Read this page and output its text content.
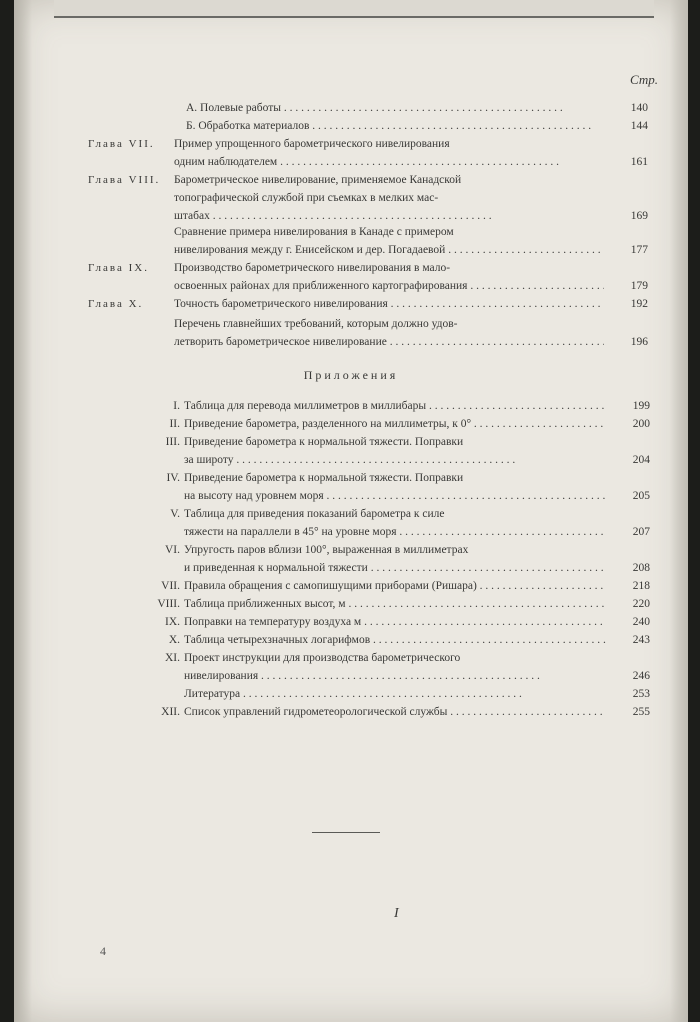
Стр.
А. Полевые работы . . .	140
Б. Обработка материалов . . .	144
Глава VII.	Пример упрощенного барометрического нивелирования
одним наблюдателем . . .	161
Глава VIII.	Барометрическое нивелирование, применяемое Канадской
топографической службой при съемках в мелких мас-
штабах . . .	169
Сравнение примера нивелирования в Канаде с примером
нивелирования между г. Енисейском и дер. Погадаевой . . .	177
Глава IX.	Производство барометрического нивелирования в мало-
освоенных районах для приближенного картографирования . . .	179
Глава X.	Точность барометрического нивелирования . . .	192
Перечень главнейших требований, которым должно удов-
летворить барометрическое нивелирование . . .	196
Приложения
I. Таблица для перевода миллиметров в миллибары . . .	199
II. Приведение барометра, разделенного на миллиметры, к 0° . . .	200
III. Приведение барометра к нормальной тяжести. Поправки
за широту . . .	204
IV. Приведение барометра к нормальной тяжести. Поправки
на высоту над уровнем моря . . .	205
V. Таблица для приведения показаний барометра к силе
тяжести на параллели в 45° на уровне моря . . .	207
VI. Упругость паров вблизи 100°, выраженная в миллиметрах
и приведенная к нормальной тяжести . . .	208
VII. Правила обращения с самопишущими приборами (Ришара) . . .	218
VIII. Таблица приближенных высот, м . . .	220
IX. Поправки на температуру воздуха м . . .	240
X. Таблица четырехзначных логарифмов . . .	243
XI. Проект инструкции для производства барометрического
нивелирования . . .	246
Литература . . .	253
XII. Список управлений гидрометеорологической службы . . .	255
I
4
